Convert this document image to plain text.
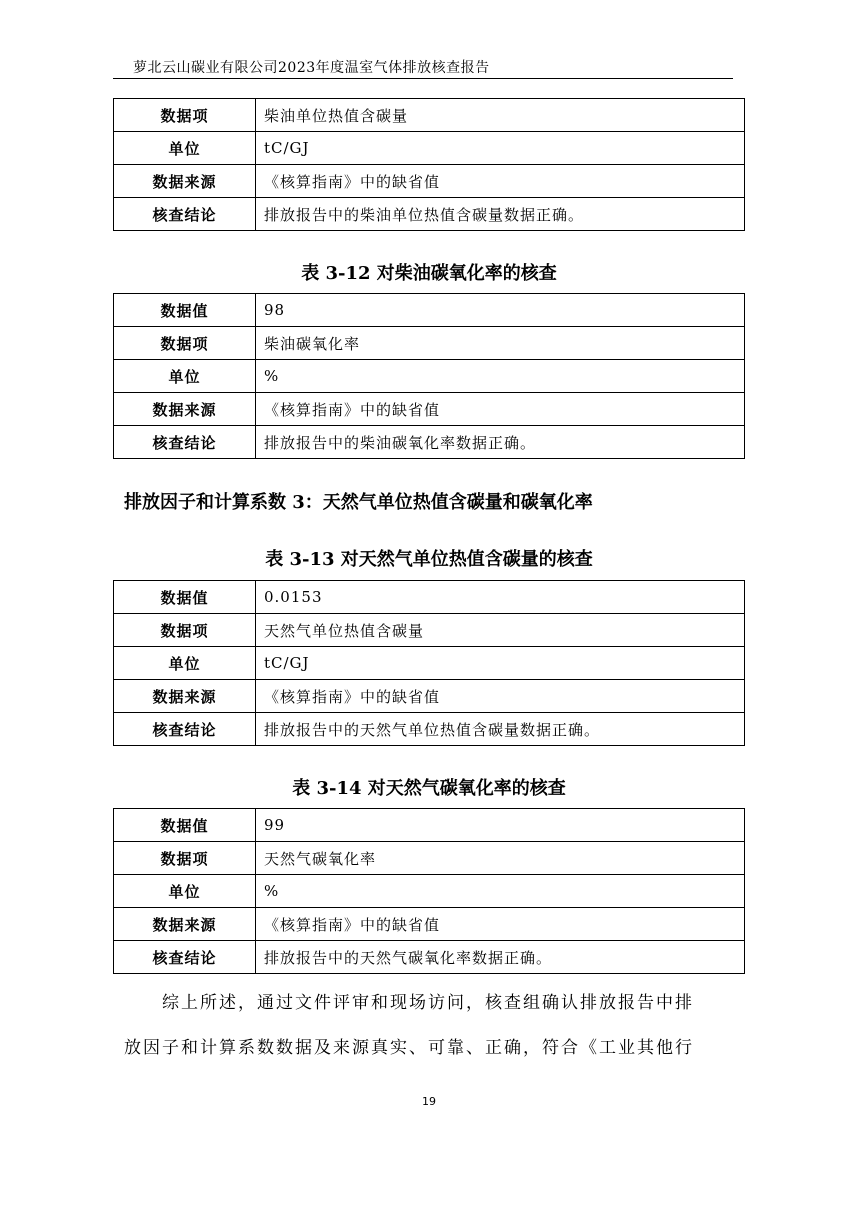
萝北云山碳业有限公司2023年度温室气体排放核查报告
数据项	柴油单位热值含碳量
单位	tC/GJ
数据来源	《核算指南》中的缺省值
核查结论	排放报告中的柴油单位热值含碳量数据正确。
表 3-12 对柴油碳氧化率的核查
数据值	98
数据项	柴油碳氧化率
单位	%
数据来源	《核算指南》中的缺省值
核查结论	排放报告中的柴油碳氧化率数据正确。
排放因子和计算系数 3：天然气单位热值含碳量和碳氧化率
表 3-13 对天然气单位热值含碳量的核查
数据值	0.0153
数据项	天然气单位热值含碳量
单位	tC/GJ
数据来源	《核算指南》中的缺省值
核查结论	排放报告中的天然气单位热值含碳量数据正确。
表 3-14 对天然气碳氧化率的核查
数据值	99
数据项	天然气碳氧化率
单位	%
数据来源	《核算指南》中的缺省值
核查结论	排放报告中的天然气碳氧化率数据正确。
　　综上所述，通过文件评审和现场访问，核查组确认排放报告中排
放因子和计算系数数据及来源真实、可靠、正确，符合《工业其他行
19
